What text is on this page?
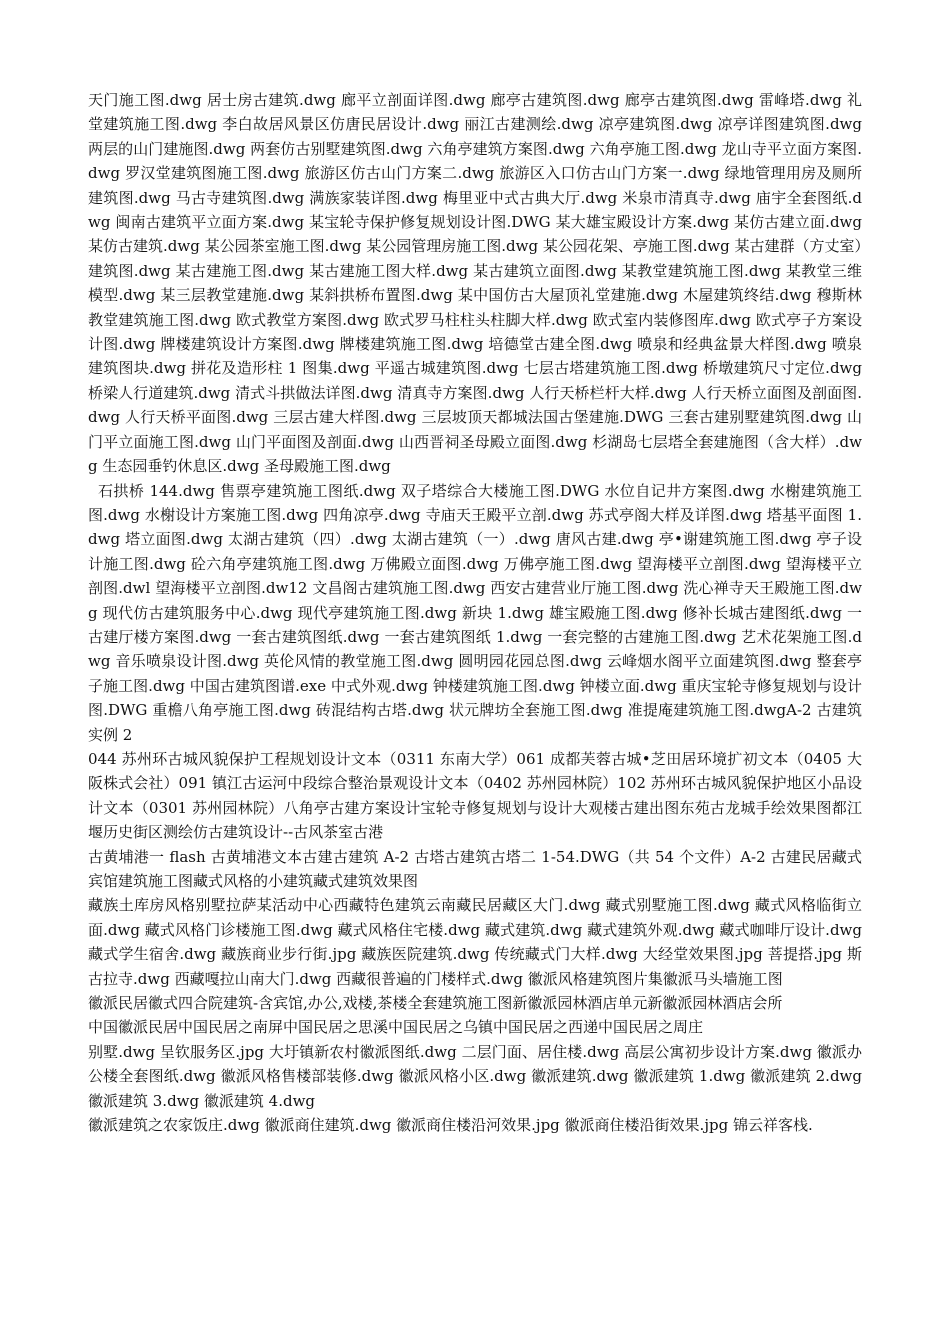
天门施工图.dwg 居士房古建筑.dwg 廊平立剖面详图.dwg 廊亭古建筑图.dwg 廊亭古建筑图.dwg 雷峰塔.dwg 礼堂建筑施工图.dwg 李白故居风景区仿唐民居设计.dwg 丽江古建测绘.dwg 凉亭建筑图.dwg 凉亭详图建筑图.dwg 两层的山门建施图.dwg 两套仿古别墅建筑图.dwg 六角亭建筑方案图.dwg 六角亭施工图.dwg 龙山寺平立面方案图.dwg 罗汉堂建筑图施工图.dwg 旅游区仿古山门方案二.dwg 旅游区入口仿古山门方案一.dwg 绿地管理用房及厕所建筑图.dwg 马古寺建筑图.dwg 满族家装详图.dwg 梅里亚中式古典大厅.dwg 米泉市清真寺.dwg 庙宇全套图纸.dwg 闽南古建筑平立面方案.dwg 某宝轮寺保护修复规划设计图.DWG 某大雄宝殿设计方案.dwg 某仿古建立面.dwg 某仿古建筑.dwg 某公园茶室施工图.dwg 某公园管理房施工图.dwg 某公园花架、亭施工图.dwg 某古建群（方丈室）建筑图.dwg 某古建施工图.dwg 某古建施工图大样.dwg 某古建筑立面图.dwg 某教堂建筑施工图.dwg 某教堂三维模型.dwg 某三层教堂建施.dwg 某斜拱桥布置图.dwg 某中国仿古大屋顶礼堂建施.dwg 木屋建筑终结.dwg 穆斯林教堂建筑施工图.dwg 欧式教堂方案图.dwg 欧式罗马柱柱头柱脚大样.dwg 欧式室内装修图库.dwg 欧式亭子方案设计图.dwg 牌楼建筑设计方案图.dwg 牌楼建筑施工图.dwg 培德堂古建全图.dwg 喷泉和经典盆景大样图.dwg 喷泉建筑图块.dwg 拼花及造形柱 1 图集.dwg 平遥古城建筑图.dwg 七层古塔建筑施工图.dwg 桥墩建筑尺寸定位.dwg 桥梁人行道建筑.dwg 清式斗拱做法详图.dwg 清真寺方案图.dwg 人行天桥栏杆大样.dwg 人行天桥立面图及剖面图.dwg 人行天桥平面图.dwg 三层古建大样图.dwg 三层坡顶天都城法国古堡建施.DWG 三套古建别墅建筑图.dwg 山门平立面施工图.dwg 山门平面图及剖面.dwg 山西晋祠圣母殿立面图.dwg 杉湖岛七层塔全套建施图（含大样）.dwg 生态园垂钓休息区.dwg 圣母殿施工图.dwg

石拱桥 144.dwg 售票亭建筑施工图纸.dwg 双子塔综合大楼施工图.DWG 水位自记井方案图.dwg 水榭建筑施工图.dwg 水榭设计方案施工图.dwg 四角凉亭.dwg 寺庙天王殿平立剖.dwg 苏式亭阁大样及详图.dwg 塔基平面图 1.dwg 塔立面图.dwg 太湖古建筑（四）.dwg 太湖古建筑（一）.dwg 唐风古建.dwg 亭•谢建筑施工图.dwg 亭子设计施工图.dwg 砼六角亭建筑施工图.dwg 万佛殿立面图.dwg 万佛亭施工图.dwg 望海楼平立剖图.dwg 望海楼平立剖图.dwl 望海楼平立剖图.dw12 文昌阁古建筑施工图.dwg 西安古建营业厅施工图.dwg 洗心禅寺天王殿施工图.dwg 现代仿古建筑服务中心.dwg 现代亭建筑施工图.dwg 新块 1.dwg 雄宝殿施工图.dwg 修补长城古建图纸.dwg 一古建厅楼方案图.dwg 一套古建筑图纸.dwg 一套古建筑图纸 1.dwg 一套完整的古建施工图.dwg 艺术花架施工图.dwg 音乐喷泉设计图.dwg 英伦风情的教堂施工图.dwg 圆明园花园总图.dwg 云峰烟水阁平立面建筑图.dwg 整套亭子施工图.dwg 中国古建筑图谱.exe 中式外观.dwg 钟楼建筑施工图.dwg 钟楼立面.dwg 重庆宝轮寺修复规划与设计图.DWG 重檐八角亭施工图.dwg 砖混结构古塔.dwg 状元牌坊全套施工图.dwg 准提庵建筑施工图.dwgA-2 古建筑实例 2

044 苏州环古城风貌保护工程规划设计文本（0311 东南大学）061 成都芙蓉古城•芝田居环境扩初文本（0405 大阪株式会社）091 镇江古运河中段综合整治景观设计文本（0402 苏州园林院）102 苏州环古城风貌保护地区小品设计文本（0301 苏州园林院）八角亭古建方案设计宝轮寺修复规划与设计大观楼古建出图东苑古龙城手绘效果图都江堰历史街区测绘仿古建筑设计--古风茶室古港

古黄埔港一 flash 古黄埔港文本古建古建筑 A-2 古塔古建筑古塔二 1-54.DWG（共 54 个文件）A-2 古建民居藏式宾馆建筑施工图藏式风格的小建筑藏式建筑效果图

藏族土库房风格别墅拉萨某活动中心西藏特色建筑云南藏民居藏区大门.dwg 藏式别墅施工图.dwg 藏式风格临街立面.dwg 藏式风格门诊楼施工图.dwg 藏式风格住宅楼.dwg 藏式建筑.dwg 藏式建筑外观.dwg 藏式咖啡厅设计.dwg 藏式学生宿舍.dwg 藏族商业步行街.jpg 藏族医院建筑.dwg 传统藏式门大样.dwg 大经堂效果图.jpg 菩提搭.jpg 斯古拉寺.dwg 西藏嘎拉山南大门.dwg 西藏很普遍的门楼样式.dwg 徽派风格建筑图片集徽派马头墙施工图

徽派民居徽式四合院建筑-含宾馆,办公,戏楼,茶楼全套建筑施工图新徽派园林酒店单元新徽派园林酒店会所

中国徽派民居中国民居之南屏中国民居之思溪中国民居之乌镇中国民居之西递中国民居之周庄

别墅.dwg 呈钦服务区.jpg 大圩镇新农村徽派图纸.dwg 二层门面、居住楼.dwg 高层公寓初步设计方案.dwg 徽派办公楼全套图纸.dwg 徽派风格售楼部装修.dwg 徽派风格小区.dwg 徽派建筑.dwg 徽派建筑 1.dwg 徽派建筑 2.dwg 徽派建筑 3.dwg 徽派建筑 4.dwg

徽派建筑之农家饭庄.dwg 徽派商住建筑.dwg 徽派商住楼沿河效果.jpg 徽派商住楼沿街效果.jpg 锦云祥客栈.
